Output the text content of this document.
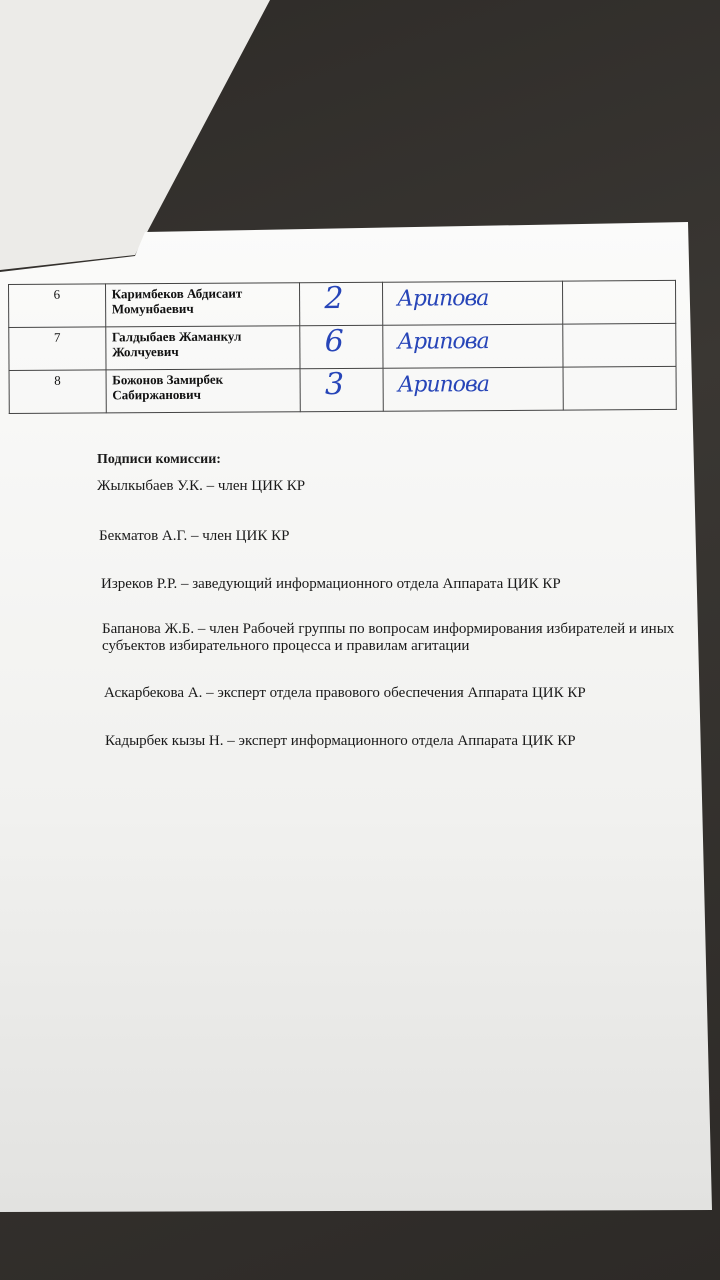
6	Каримбеков Абдисаит Момунбаевич	2	Арипова	

7	Галдыбаев Жаманкул Жолчуевич	6	Арипова	

8	Божонов Замирбек Сабиржанович	3	Арипова	

Подписи комиссии:
Жылкыбаев У.К. – член ЦИК КР
Бекматов А.Г. – член ЦИК КР
Изреков Р.Р. – заведующий информационного отдела Аппарата ЦИК КР
Бапанова Ж.Б. – член Рабочей группы по вопросам информирования избирателей и иных
субъектов избирательного процесса и правилам агитации
Аскарбекова А. – эксперт отдела правового обеспечения Аппарата ЦИК КР
Кадырбек кызы Н. – эксперт информационного отдела Аппарата ЦИК КР
